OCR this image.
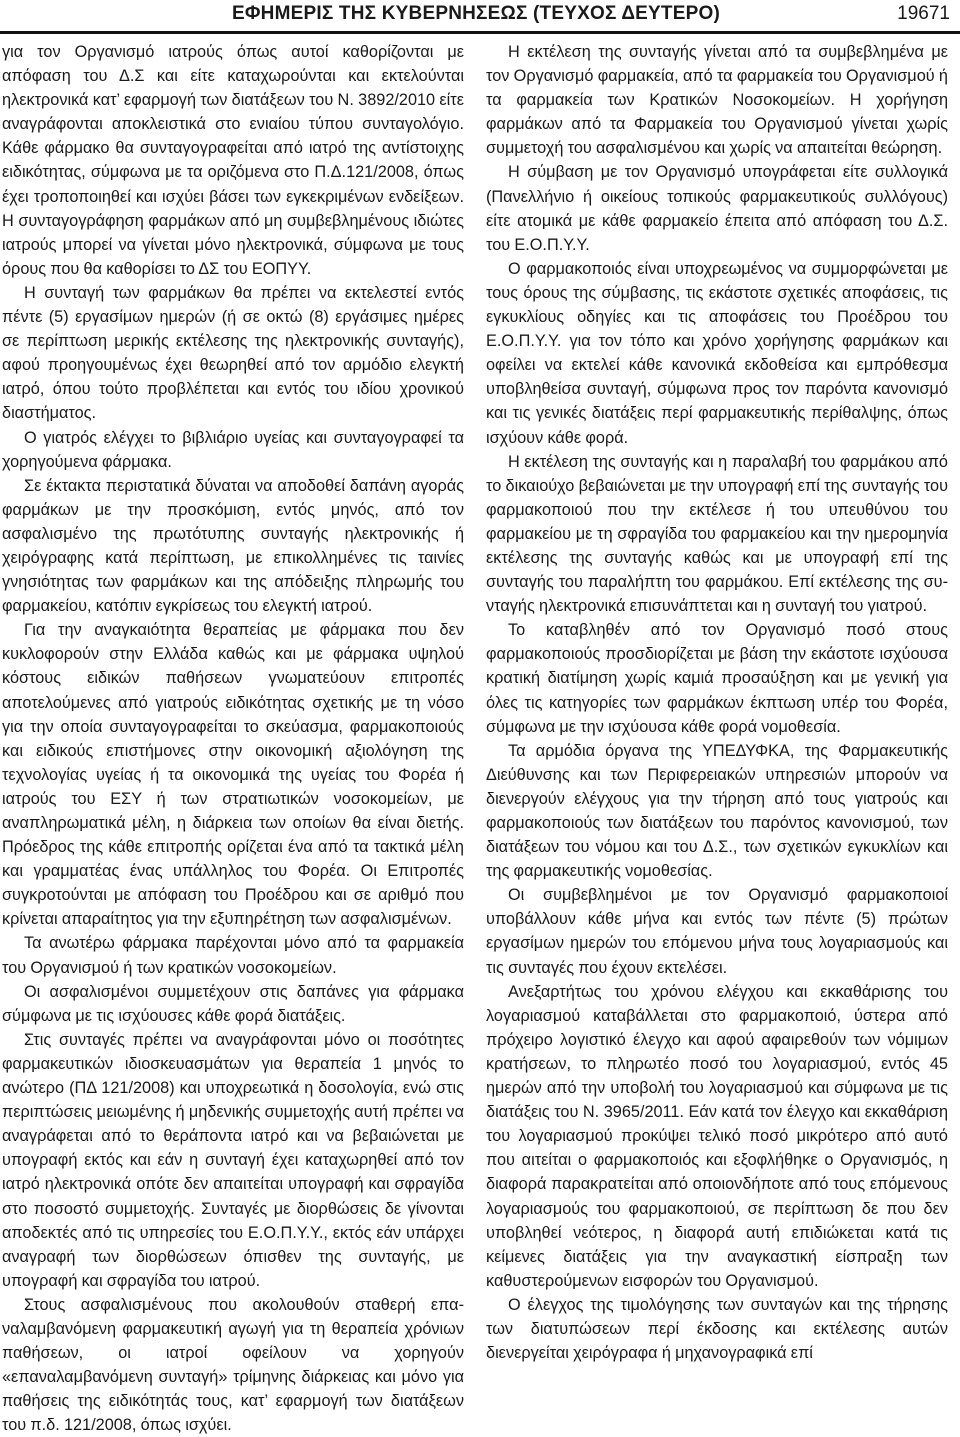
ΕΦΗΜΕΡΙΣ ΤΗΣ ΚΥΒΕΡΝΗΣΕΩΣ (ΤΕΥΧΟΣ ΔΕΥΤΕΡΟ)	19671

για τον Οργανισμό ιατρούς όπως αυτοί καθορίζονται με απόφαση του Δ.Σ και είτε καταχωρούνται και εκτελούνται ηλεκτρονικά κατ’ εφαρμογή των διατάξεων του Ν. 3892/2010 είτε αναγράφονται αποκλειστικά στο ενιαίου τύπου συνταγολόγιο. Κάθε φάρμακο θα συνταγογραφείται από ιατρό της αντίστοιχης ειδικότητας, σύμφωνα με τα οριζόμενα στο Π.Δ.121/2008, όπως έχει τροποποιηθεί και ισχύει βάσει των εγκεκριμένων ενδείξεων. Η συνταγογράφηση φαρμάκων από μη συμβεβλημένους ιδιώτες ιατρούς μπορεί να γίνεται μόνο ηλεκτρονικά, σύμφωνα με τους όρους που θα καθορίσει το ΔΣ του ΕΟΠΥΥ.

Η συνταγή των φαρμάκων θα πρέπει να εκτελεστεί εντός πέντε (5) εργασίμων ημερών (ή σε οκτώ (8) εργάσιμες ημέρες σε περίπτωση μερικής εκτέλεσης της ηλεκτρονικής συνταγής), αφού προηγουμένως έχει θεωρηθεί από τον αρμόδιο ελεγκτή ιατρό, όπου τούτο προβλέπεται και εντός του ιδίου χρονικού διαστήματος.

Ο γιατρός ελέγχει το βιβλιάριο υγείας και συνταγογραφεί τα χορηγούμενα φάρμακα.

Σε έκτακτα περιστατικά δύναται να αποδοθεί δαπάνη αγοράς φαρμάκων με την προσκόμιση, εντός μηνός, από τον ασφαλισμένο της πρωτότυπης συνταγής ηλεκτρονικής ή χειρόγραφης κατά περίπτωση, με επικολλημένες τις ταινίες γνησιότητας των φαρμάκων και της απόδειξης πληρωμής του φαρμακείου, κατόπιν εγκρίσεως του ελεγκτή ιατρού.

Για την αναγκαιότητα θεραπείας με φάρμακα που δεν κυκλοφορούν στην Ελλάδα καθώς και με φάρμακα υψηλού κόστους ειδικών παθήσεων γνωματεύουν επιτροπές αποτελούμενες από γιατρούς ειδικότητας σχετικής με τη νόσο για την οποία συνταγογραφείται το σκεύασμα, φαρμακοποιούς και ειδικούς επιστήμονες στην οικονομική αξιολόγηση της τεχνολογίας υγείας ή τα οικονομικά της υγείας του Φορέα ή ιατρούς του ΕΣΥ ή των στρατιωτικών νοσοκομείων, με αναπληρωματικά μέλη, η διάρκεια των οποίων θα είναι διετής. Πρόεδρος της κάθε επιτροπής ορίζεται ένα από τα τακτικά μέλη και γραμματέας ένας υπάλληλος του Φορέα. Οι Επιτροπές συγκροτούνται με απόφαση του Προέδρου και σε αριθμό που κρίνεται απαραίτητος για την εξυπηρέτηση των ασφαλισμένων.

Τα ανωτέρω φάρμακα παρέχονται μόνο από τα φαρμακεία του Οργανισμού ή των κρατικών νοσοκομείων.

Οι ασφαλισμένοι συμμετέχουν στις δαπάνες για φάρμακα σύμφωνα με τις ισχύουσες κάθε φορά διατάξεις.

Στις συνταγές πρέπει να αναγράφονται μόνο οι ποσότητες φαρμακευτικών ιδιοσκευασμάτων για θεραπεία 1 μηνός το ανώτερο (ΠΔ 121/2008) και υποχρεωτικά η δοσολογία, ενώ στις περιπτώσεις μειωμένης ή μηδενικής συμμετοχής αυτή πρέπει να αναγράφεται από το θεράποντα ιατρό και να βεβαιώνεται με υπογραφή εκτός και εάν η συνταγή έχει καταχωρηθεί από τον ιατρό ηλεκτρονικά οπότε δεν απαιτείται υπογραφή και σφραγίδα στο ποσοστό συμμετοχής. Συνταγές με διορθώσεις δε γίνονται αποδεκτές από τις υπηρεσίες του Ε.Ο.Π.Υ.Υ., εκτός εάν υπάρχει αναγραφή των διορθώσεων όπισθεν της συνταγής, με υπογραφή και σφραγίδα του ιατρού.

Στους ασφαλισμένους που ακολουθούν σταθερή επαναλαμβανόμενη φαρμακευτική αγωγή για τη θεραπεία χρόνιων παθήσεων, οι ιατροί οφείλουν να χορηγούν «επαναλαμβανόμενη συνταγή» τρίμηνης διάρκειας και μόνο για παθήσεις της ειδικότητάς τους, κατ’ εφαρμογή των διατάξεων του π.δ. 121/2008, όπως ισχύει.

Η εκτέλεση της συνταγής γίνεται από τα συμβεβλημένα με τον Οργανισμό φαρμακεία, από τα φαρμακεία του Οργανισμού ή τα φαρμακεία των Κρατικών Νοσοκομείων. Η χορήγηση φαρμάκων από τα Φαρμακεία του Οργανισμού γίνεται χωρίς συμμετοχή του ασφαλισμένου και χωρίς να απαιτείται θεώρηση.

Η σύμβαση με τον Οργανισμό υπογράφεται είτε συλλογικά (Πανελλήνιο ή οικείους τοπικούς φαρμακευτικούς συλλόγους) είτε ατομικά με κάθε φαρμακείο έπειτα από απόφαση του Δ.Σ. του Ε.Ο.Π.Υ.Υ.

Ο φαρμακοποιός είναι υποχρεωμένος να συμμορφώνεται με τους όρους της σύμβασης, τις εκάστοτε σχετικές αποφάσεις, τις εγκυκλίους οδηγίες και τις αποφάσεις του Προέδρου του Ε.Ο.Π.Υ.Υ. για τον τόπο και χρόνο χορήγησης φαρμάκων και οφείλει να εκτελεί κάθε κανονικά εκδοθείσα και εμπρόθεσμα υποβληθείσα συνταγή, σύμφωνα προς τον παρόντα κανονισμό και τις γενικές διατάξεις περί φαρμακευτικής περίθαλψης, όπως ισχύουν κάθε φορά.

Η εκτέλεση της συνταγής και η παραλαβή του φαρμάκου από το δικαιούχο βεβαιώνεται με την υπογραφή επί της συνταγής του φαρμακοποιού που την εκτέλεσε ή του υπευθύνου του φαρμακείου με τη σφραγίδα του φαρμακείου και την ημερομηνία εκτέλεσης της συνταγής καθώς και με υπογραφή επί της συνταγής του παραλήπτη του φαρμάκου. Επί εκτέλεσης της συνταγής ηλεκτρονικά επισυνάπτεται και η συνταγή του γιατρού.

Το καταβληθέν από τον Οργανισμό ποσό στους φαρμακοποιούς προσδιορίζεται με βάση την εκάστοτε ισχύουσα κρατική διατίμηση χωρίς καμιά προσαύξηση και με γενική για όλες τις κατηγορίες των φαρμάκων έκπτωση υπέρ του Φορέα, σύμφωνα με την ισχύουσα κάθε φορά νομοθεσία.

Τα αρμόδια όργανα της ΥΠΕΔΥΦΚΑ, της Φαρμακευτικής Διεύθυνσης και των Περιφερειακών υπηρεσιών μπορούν να διενεργούν ελέγχους για την τήρηση από τους γιατρούς και φαρμακοποιούς των διατάξεων του παρόντος κανονισμού, των διατάξεων του νόμου και του Δ.Σ., των σχετικών εγκυκλίων και της φαρμακευτικής νομοθεσίας.

Οι συμβεβλημένοι με τον Οργανισμό φαρμακοποιοί υποβάλλουν κάθε μήνα και εντός των πέντε (5) πρώτων εργασίμων ημερών του επόμενου μήνα τους λογαριασμούς και τις συνταγές που έχουν εκτελέσει.

Ανεξαρτήτως του χρόνου ελέγχου και εκκαθάρισης του λογαριασμού καταβάλλεται στο φαρμακοποιό, ύστερα από πρόχειρο λογιστικό έλεγχο και αφού αφαιρεθούν των νόμιμων κρατήσεων, το πληρωτέο ποσό του λογαριασμού, εντός 45 ημερών από την υποβολή του λογαριασμού και σύμφωνα με τις διατάξεις του Ν. 3965/2011. Εάν κατά τον έλεγχο και εκκαθάριση του λογαριασμού προκύψει τελικό ποσό μικρότερο από αυτό που αιτείται ο φαρμακοποιός και εξοφλήθηκε ο Οργανισμός, η διαφορά παρακρατείται από οποιονδήποτε από τους επόμενους λογαριασμούς του φαρμακοποιού, σε περίπτωση δε που δεν υποβληθεί νεότερος, η διαφορά αυτή επιδιώκεται κατά τις κείμενες διατάξεις για την αναγκαστική είσπραξη των καθυστερούμενων εισφορών του Οργανισμού.

Ο έλεγχος της τιμολόγησης των συνταγών και της τήρησης των διατυπώσεων περί έκδοσης και εκτέλεσης αυτών διενεργείται χειρόγραφα ή μηχανογραφικά επί
